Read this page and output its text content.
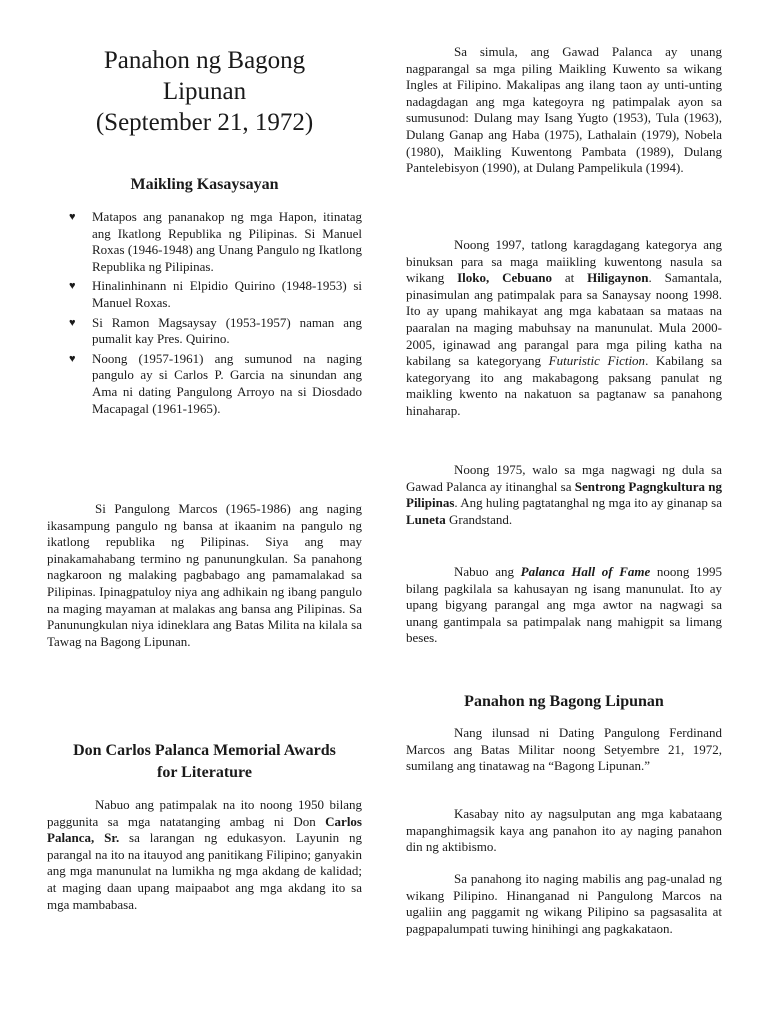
Panahon ng Bagong
Lipunan
(September 21, 1972)
Maikling Kasaysayan
♥ Matapos ang pananakop ng mga Hapon, itinatag ang Ikatlong Republika ng Pilipinas. Si Manuel Roxas (1946-1948) ang Unang Pangulo ng Ikatlong Republika ng Pilipinas.
♥ Hinalinhinann ni Elpidio Quirino (1948-1953) si Manuel Roxas.
♥ Si Ramon Magsaysay (1953-1957) naman ang pumalit kay Pres. Quirino.
♥ Noong (1957-1961) ang sumunod na naging pangulo ay si Carlos P. Garcia na sinundan ang Ama ni dating Pangulong Arroyo na si Diosdado Macapagal (1961-1965).

Si Pangulong Marcos (1965-1986) ang naging ikasampung pangulo ng bansa at ikaanim na pangulo ng ikatlong republika ng Pilipinas. Siya ang may pinakamahabang termino ng panunungkulan. Sa panahong nagkaroon ng malaking pagbabago ang pamamalakad sa Pilipinas. Ipinagpatuloy niya ang adhikain ng ibang pangulo na maging mayaman at malakas ang bansa ang Pilipinas. Sa Panunungkulan niya idineklara ang Batas Milita na kilala sa Tawag na Bagong Lipunan.

Don Carlos Palanca Memorial Awards
for Literature

Nabuo ang patimpalak na ito noong 1950 bilang paggunita sa mga natatanging ambag ni Don Carlos Palanca, Sr. sa larangan ng edukasyon. Layunin ng parangal na ito na itauyod ang panitikang Filipino; ganyakin ang mga manunulat na lumikha ng mga akdang de kalidad; at maging daan upang maipaabot ang mga akdang ito sa mga mambabasa.

Sa simula, ang Gawad Palanca ay unang nagparangal sa mga piling Maikling Kuwento sa wikang Ingles at Filipino. Makalipas ang ilang taon ay unti-unting nadagdagan ang mga kategoyra ng patimpalak ayon sa sumusunod: Dulang may Isang Yugto (1953), Tula (1963), Dulang Ganap ang Haba (1975), Lathalain (1979), Nobela (1980), Maikling Kuwentong Pambata (1989), Dulang Pantelebisyon (1990), at Dulang Pampelikula (1994).

Noong 1997, tatlong karagdagang kategorya ang binuksan para sa maga maiikling kuwentong nasula sa wikang Iloko, Cebuano at Hiligaynon. Samantala, pinasimulan ang patimpalak para sa Sanaysay noong 1998. Ito ay upang mahikayat ang mga kabataan sa mataas na paaralan na maging mabuhsay na manunulat. Mula 2000-2005, iginawad ang parangal para mga piling katha na kabilang sa kategoryang Futuristic Fiction. Kabilang sa kategoryang ito ang makabagong paksang panulat ng maikling kwento na nakatuon sa pagtanaw sa panahong hinaharap.

Noong 1975, walo sa mga nagwagi ng dula sa Gawad Palanca ay itinanghal sa Sentrong Pagngkultura ng Pilipinas. Ang huling pagtatanghal ng mga ito ay ginanap sa Luneta Grandstand.

Nabuo ang Palanca Hall of Fame noong 1995 bilang pagkilala sa kahusayan ng isang manunulat. Ito ay upang bigyang parangal ang mga awtor na nagwagi sa unang gantimpala sa patimpalak nang mahigpit sa limang beses.

Panahon ng Bagong Lipunan

Nang ilunsad ni Dating Pangulong Ferdinand Marcos ang Batas Militar noong Setyembre 21, 1972, sumilang ang tinatawag na “Bagong Lipunan.”

Kasabay nito ay nagsulputan ang mga kabataang mapanghimagsik kaya ang panahon ito ay naging panahon din ng aktibismo.

Sa panahong ito naging mabilis ang pag-unalad ng wikang Pilipino. Hinanganad ni Pangulong Marcos na ugaliin ang paggamit ng wikang Pilipino sa pagsasalita at pagpapalumpati tuwing hinihingi ang pagkakataon.
